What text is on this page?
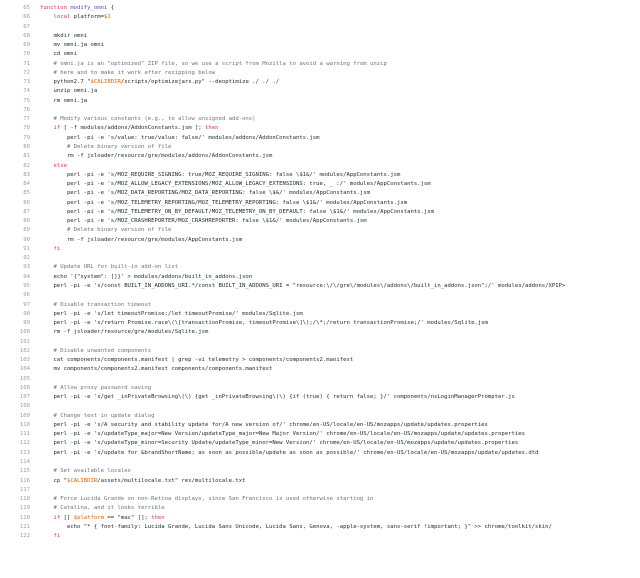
65
66
67
68
69
70
71
72
73
74
75
76
77
78
79
80
81
82
83
84
85
86
87
88
89
90
91
92
93
94
95
96
97
98
99
100
101
102
103
104
105
106
107
108
109
110
111
112
113
114
115
116
117
118
119
120
121
122
function modify_omni {
local platform=$1
mkdir omni
mv omni.ja omni
cd omni
# omni.ja is an "optimized" ZIP file, so we use a script from Mozilla to avoid a warning from unzip
# here and to make it work after rezipping below
python2.7 "$CALIBDIR/scripts/optimizejars.py" --deoptimize ./ ./ ./
unzip omni.ja
rm omni.ja
# Modify various constants (e.g., to allow unsigned add-ons)
if [ -f modules/addons/AddonConstants.jsm ]; then
perl -pi -e 's/value: true/value: false/' modules/addons/AddonConstants.jsm
# Delete binary version of file
rm -f jsloader/resource/gre/modules/addons/AddonConstants.jsm
else
perl -pi -e 's/MOZ_REQUIRE_SIGNING: true/MOZ_REQUIRE_SIGNING: false \$1&/' modules/AppConstants.jsm
perl -pi -e 's/MOZ_ALLOW_LEGACY_EXTENSIONS/MOZ_ALLOW_LEGACY_EXTENSIONS: true, _ :/' modules/AppConstants.jsm
perl -pi -e 's/MOZ_DATA_REPORTING/MOZ_DATA_REPORTING: false \$&/' modules/AppConstants.jsm
perl -pi -e 's/MOZ_TELEMETRY_REPORTING/MOZ_TELEMETRY_REPORTING: false \$1&/' modules/AppConstants.jsm
perl -pi -e 's/MOZ_TELEMETRY_ON_BY_DEFAULT/MOZ_TELEMETRY_ON_BY_DEFAULT: false \$1&/' modules/AppConstants.jsm
perl -pi -e 's/MOZ_CRASHREPORTER/MOZ_CRASHREPORTER: false \$1&/' modules/AppConstants.jsm
# Delete binary version of file
rm -f jsloader/resource/gre/modules/AppConstants.jsm
fi
# Update URL for built-in add-on list
echo '{"system": []}' > modules/addons/built_in_addons.json
perl -pi -e 's/const BUILT_IN_ADDONS_URI.*/const BUILT_IN_ADDONS_URI = "resource:\/\/gre\/modules\/addons\/built_in_addons.json";/' modules/addons/XPIP>
# Disable transaction timeout
perl -pi -e 's/let timeoutPromise;/let timeoutPromise/' modules/Sqlite.jsm
perl -pi -e 's/return Promise.race\(\[transactionPromise, timeoutPromise\]\);/\*;/return transactionPromise;/' modules/Sqlite.jsm
rm -f jsloader/resource/gre/modules/Sqlite.jsm
# Disable unwanted components
cat components/components.manifest | grep -vi telemetry > components/components2.manifest
mv components/components2.manifest components/components.manifest
# Allow proxy password saving
perl -pi -e 's/get _inPrivateBrowsing\(\) {get _inPrivateBrowsing\(\) {if (true) { return false; }/' components/nsLoginManagerPrompter.js
# Change text in update dialog
perl -pi -e 's/A security and stability update for/A new version of/' chrome/en-US/locale/en-US/mozapps/update/updates.properties
perl -pi -e 's/updateType_major=New Version/updateType_major=New Major Version/' chrome/en-US/locale/en-US/mozapps/update/updates.properties
perl -pi -e 's/updateType_minor=Security Update/updateType_minor=New Version/' chrome/en-US/locale/en-US/mozapps/update/updates.properties
perl -pi -e 's/update for &brandShortName; as soon as possible/update as soon as possible/' chrome/en-US/locale/en-US/mozapps/update/updates.dtd
# Set available locales
cp "$CALIBDIR/assets/multilocale.txt" res/multilocale.txt
# Force Lucida Grande on non-Retina displays, since San Francisco is used otherwise starting in
# Catalina, and it looks terrible
if [[ $platform == "mac" ]]; then
echo "* { font-family: Lucida Grande, Lucida Sans Unicode, Lucida Sans, Genova, -apple-system, sans-serif !important; }" >> chrome/toolkit/skin/
fi
